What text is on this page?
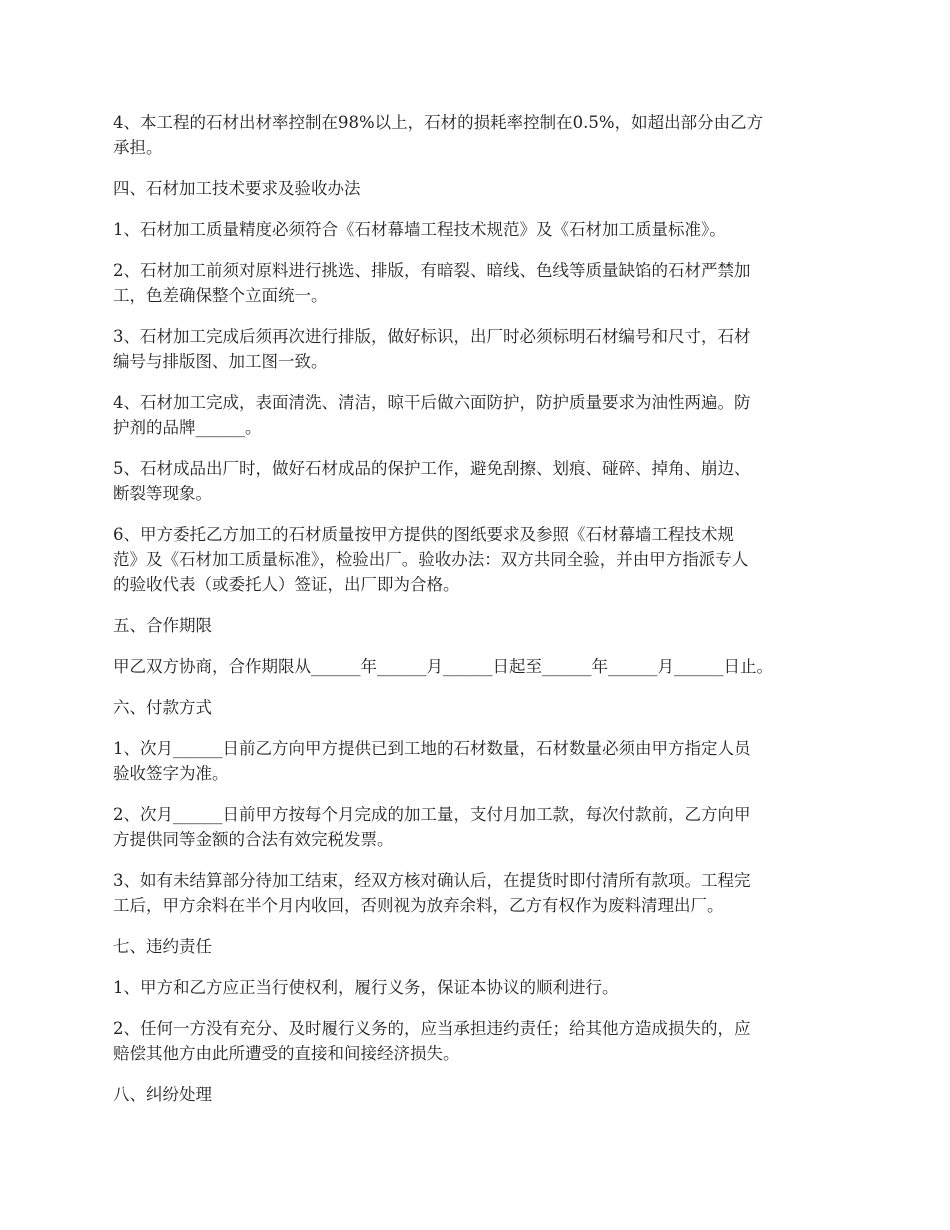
4、本工程的石材出材率控制在98%以上，石材的损耗率控制在0.5%，如超出部分由乙方
承担。
四、石材加工技术要求及验收办法
1、石材加工质量精度必须符合《石材幕墙工程技术规范》及《石材加工质量标准》。
2、石材加工前须对原料进行挑选、排版，有暗裂、暗线、色线等质量缺馅的石材严禁加
工，色差确保整个立面统一。
3、石材加工完成后须再次进行排版，做好标识，出厂时必须标明石材编号和尺寸，石材
编号与排版图、加工图一致。
4、石材加工完成，表面清洗、清洁，晾干后做六面防护，防护质量要求为油性两遍。防
护剂的品牌______。
5、石材成品出厂时，做好石材成品的保护工作，避免刮擦、划痕、碰碎、掉角、崩边、
断裂等现象。
6、甲方委托乙方加工的石材质量按甲方提供的图纸要求及参照《石材幕墙工程技术规
范》及《石材加工质量标准》，检验出厂。验收办法：双方共同全验，并由甲方指派专人
的验收代表（或委托人）签证，出厂即为合格。
五、合作期限
甲乙双方协商，合作期限从______年______月______日起至______年______月______日止。
六、付款方式
1、次月______日前乙方向甲方提供已到工地的石材数量，石材数量必须由甲方指定人员
验收签字为准。
2、次月______日前甲方按每个月完成的加工量，支付月加工款，每次付款前，乙方向甲
方提供同等金额的合法有效完税发票。
3、如有未结算部分待加工结束，经双方核对确认后，在提货时即付清所有款项。工程完
工后，甲方余料在半个月内收回，否则视为放弃余料，乙方有权作为废料清理出厂。
七、违约责任
1、甲方和乙方应正当行使权利，履行义务，保证本协议的顺利进行。
2、任何一方没有充分、及时履行义务的，应当承担违约责任；给其他方造成损失的，应
赔偿其他方由此所遭受的直接和间接经济损失。
八、纠纷处理
